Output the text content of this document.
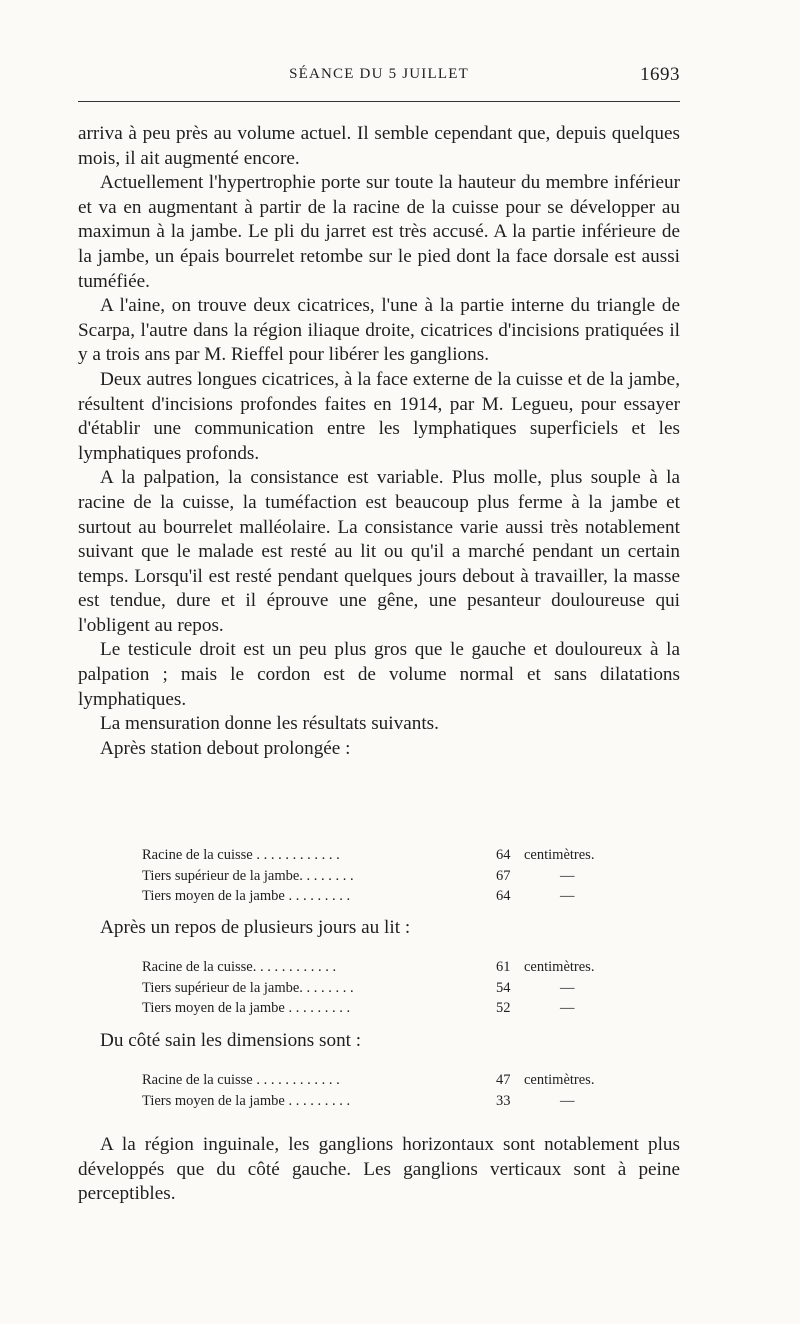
SÉANCE DU 5 JUILLET	1693

arriva à peu près au volume actuel. Il semble cependant que, depuis quelques mois, il ait augmenté encore.

Actuellement l'hypertrophie porte sur toute la hauteur du membre inférieur et va en augmentant à partir de la racine de la cuisse pour se développer au maximun à la jambe. Le pli du jarret est très accusé. A la partie inférieure de la jambe, un épais bourrelet retombe sur le pied dont la face dorsale est aussi tuméfiée.

A l'aine, on trouve deux cicatrices, l'une à la partie interne du triangle de Scarpa, l'autre dans la région iliaque droite, cicatrices d'incisions pratiquées il y a trois ans par M. Rieffel pour libérer les ganglions.

Deux autres longues cicatrices, à la face externe de la cuisse et de la jambe, résultent d'incisions profondes faites en 1914, par M. Legueu, pour essayer d'établir une communication entre les lymphatiques superficiels et les lymphatiques profonds.

A la palpation, la consistance est variable. Plus molle, plus souple à la racine de la cuisse, la tuméfaction est beaucoup plus ferme à la jambe et surtout au bourrelet malléolaire. La consistance varie aussi très notablement suivant que le malade est resté au lit ou qu'il a marché pendant un certain temps. Lorsqu'il est resté pendant quelques jours debout à travailler, la masse est tendue, dure et il éprouve une gêne, une pesanteur douloureuse qui l'obligent au repos.

Le testicule droit est un peu plus gros que le gauche et douloureux à la palpation ; mais le cordon est de volume normal et sans dilatations lymphatiques.

La mensuration donne les résultats suivants.

Après station debout prolongée :

Racine de la cuisse . . . . . . . . . . . .	64 centimètres.
Tiers supérieur de la jambe. . . . . . . .	67	—
Tiers moyen de la jambe . . . . . . . . .	64	—
Après un repos de plusieurs jours au lit :
Racine de la cuisse. . . . . . . . . . . .	61 centimètres.
Tiers supérieur de la jambe. . . . . . . .	54	—
Tiers moyen de la jambe . . . . . . . . .	52	—
Du côté sain les dimensions sont :
Racine de la cuisse . . . . . . . . . . . .	47 centimètres.
Tiers moyen de la jambe . . . . . . . . .	33	—

A la région inguinale, les ganglions horizontaux sont notablement plus développés que du côté gauche. Les ganglions verticaux sont à peine perceptibles.
